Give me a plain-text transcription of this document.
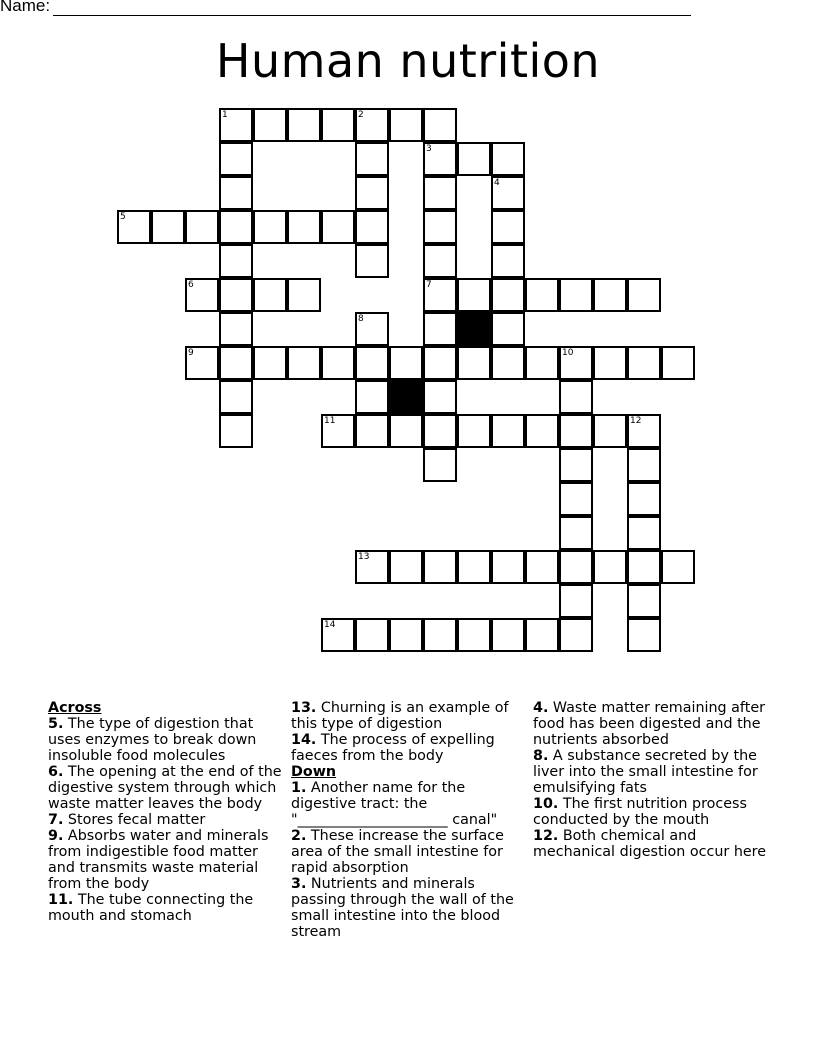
Name:
Human nutrition
1	2
3
4
5
6	7
8
9	10
11	12
13
14
Across
5. The type of digestion that uses enzymes to break down insoluble food molecules
6. The opening at the end of the digestive system through which waste matter leaves the body
7. Stores fecal matter
9. Absorbs water and minerals from indigestible food matter and transmits waste material from the body
11. The tube connecting the mouth and stomach
13. Churning is an example of this type of digestion
14. The process of expelling faeces from the body
Down
1. Another name for the digestive tract: the "_____________________ canal"
2. These increase the surface area of the small intestine for rapid absorption
3. Nutrients and minerals passing through the wall of the small intestine into the blood stream
4. Waste matter remaining after food has been digested and the nutrients absorbed
8. A substance secreted by the liver into the small intestine for emulsifying fats
10. The first nutrition process conducted by the mouth
12. Both chemical and mechanical digestion occur here
